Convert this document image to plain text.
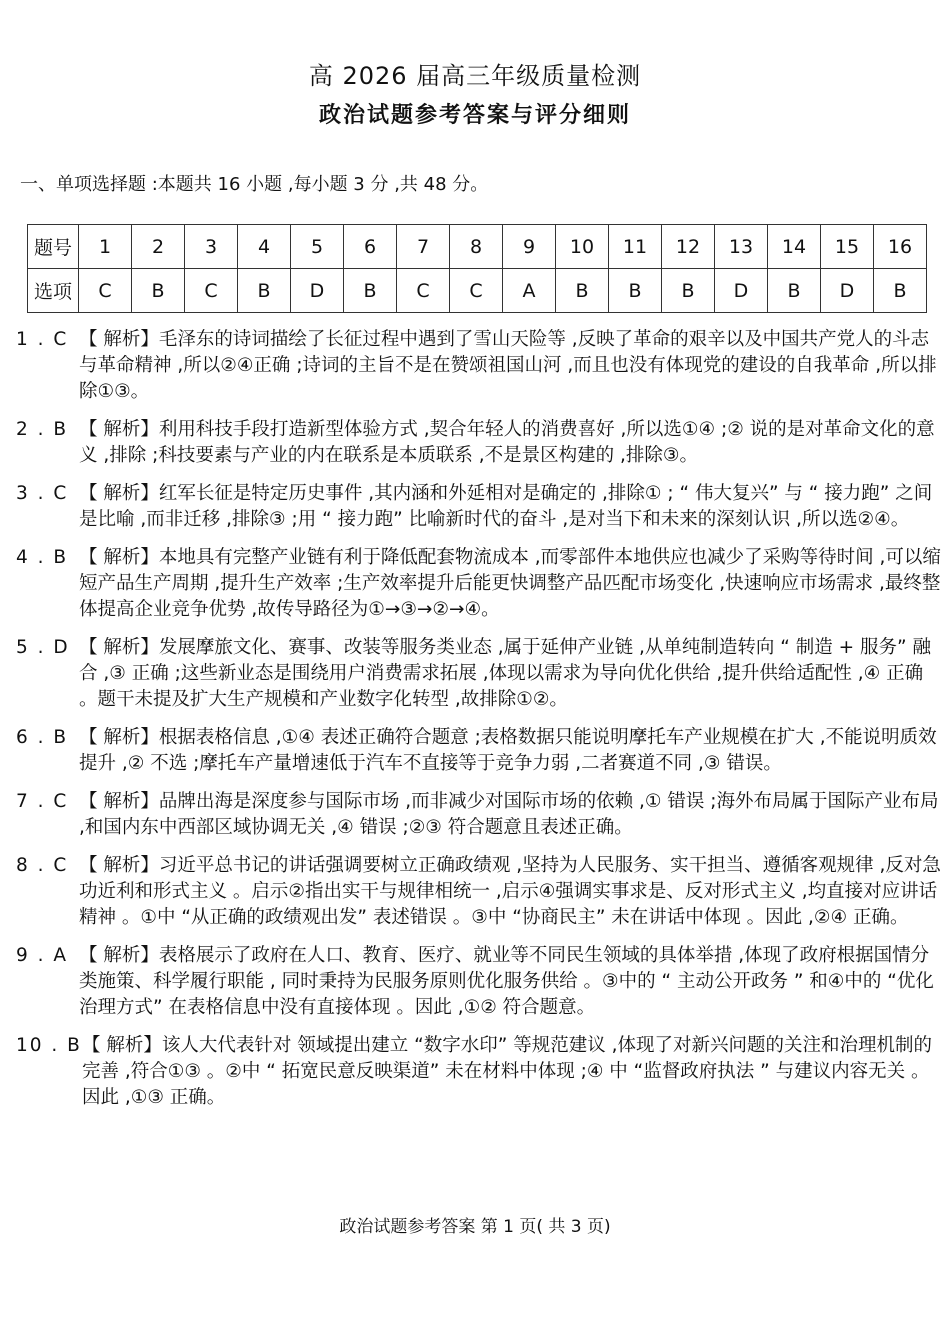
高 2026 届高三年级质量检测
政治试题参考答案与评分细则
一、单项选择题 :本题共 16 小题 ,每小题 3 分 ,共 48 分。
题号	1	2	3	4	5	6	7	8	9	10	11	12	13	14	15	16
选项	C	B	C	B	D	B	C	C	A	B	B	B	D	B	D	B
1 . C 【 解析】毛泽东的诗词描绘了长征过程中遇到了雪山天险等 ,反映了革命的艰辛以及中国共产党人的斗志与革命精神 ,所以②④正确 ;诗词的主旨不是在赞颂祖国山河 ,而且也没有体现党的建设的自我革命 ,所以排除①③。
2 . B 【 解析】利用科技手段打造新型体验方式 ,契合年轻人的消费喜好 ,所以选①④ ;② 说的是对革命文化的意义 ,排除 ;科技要素与产业的内在联系是本质联系 ,不是景区构建的 ,排除③。
3 . C 【 解析】红军长征是特定历史事件 ,其内涵和外延相对是确定的 ,排除① ; “ 伟大复兴” 与 “ 接力跑” 之间是比喻 ,而非迁移 ,排除③ ;用 “ 接力跑” 比喻新时代的奋斗 ,是对当下和未来的深刻认识 ,所以选②④。
4 . B 【 解析】本地具有完整产业链有利于降低配套物流成本 ,而零部件本地供应也减少了采购等待时间 ,可以缩短产品生产周期 ,提升生产效率 ;生产效率提升后能更快调整产品匹配市场变化 ,快速响应市场需求 ,最终整体提高企业竞争优势 ,故传导路径为①→③→②→④。
5 . D 【 解析】发展摩旅文化、赛事、改装等服务类业态 ,属于延伸产业链 ,从单纯制造转向 “ 制造 + 服务” 融合 ,③ 正确 ;这些新业态是围绕用户消费需求拓展 ,体现以需求为导向优化供给 ,提升供给适配性 ,④ 正确 。题干未提及扩大生产规模和产业数字化转型 ,故排除①②。
6 . B 【 解析】根据表格信息 ,①④ 表述正确符合题意 ;表格数据只能说明摩托车产业规模在扩大 ,不能说明质效提升 ,② 不选 ;摩托车产量增速低于汽车不直接等于竞争力弱 ,二者赛道不同 ,③ 错误。
7 . C 【 解析】品牌出海是深度参与国际市场 ,而非减少对国际市场的依赖 ,① 错误 ;海外布局属于国际产业布局 ,和国内东中西部区域协调无关 ,④ 错误 ;②③ 符合题意且表述正确。
8 . C 【 解析】习近平总书记的讲话强调要树立正确政绩观 ,坚持为人民服务、实干担当、遵循客观规律 ,反对急功近利和形式主义 。启示②指出实干与规律相统一 ,启示④强调实事求是、反对形式主义 ,均直接对应讲话精神 。①中 “从正确的政绩观出发” 表述错误 。③中 “协商民主” 未在讲话中体现 。因此 ,②④ 正确。
9 . A 【 解析】表格展示了政府在人口、教育、医疗、就业等不同民生领域的具体举措 ,体现了政府根据国情分类施策、科学履行职能 , 同时秉持为民服务原则优化服务供给 。③中的 “ 主动公开政务 ” 和④中的 “优化治理方式” 在表格信息中没有直接体现 。因此 ,①② 符合题意。
10 . B 【 解析】该人大代表针对 领域提出建立 “数字水印” 等规范建议 ,体现了对新兴问题的关注和治理机制的完善 ,符合①③ 。②中 “ 拓宽民意反映渠道” 未在材料中体现 ;④ 中 “监督政府执法 ” 与建议内容无关 。因此 ,①③ 正确。
政治试题参考答案 第 1 页( 共 3 页)
